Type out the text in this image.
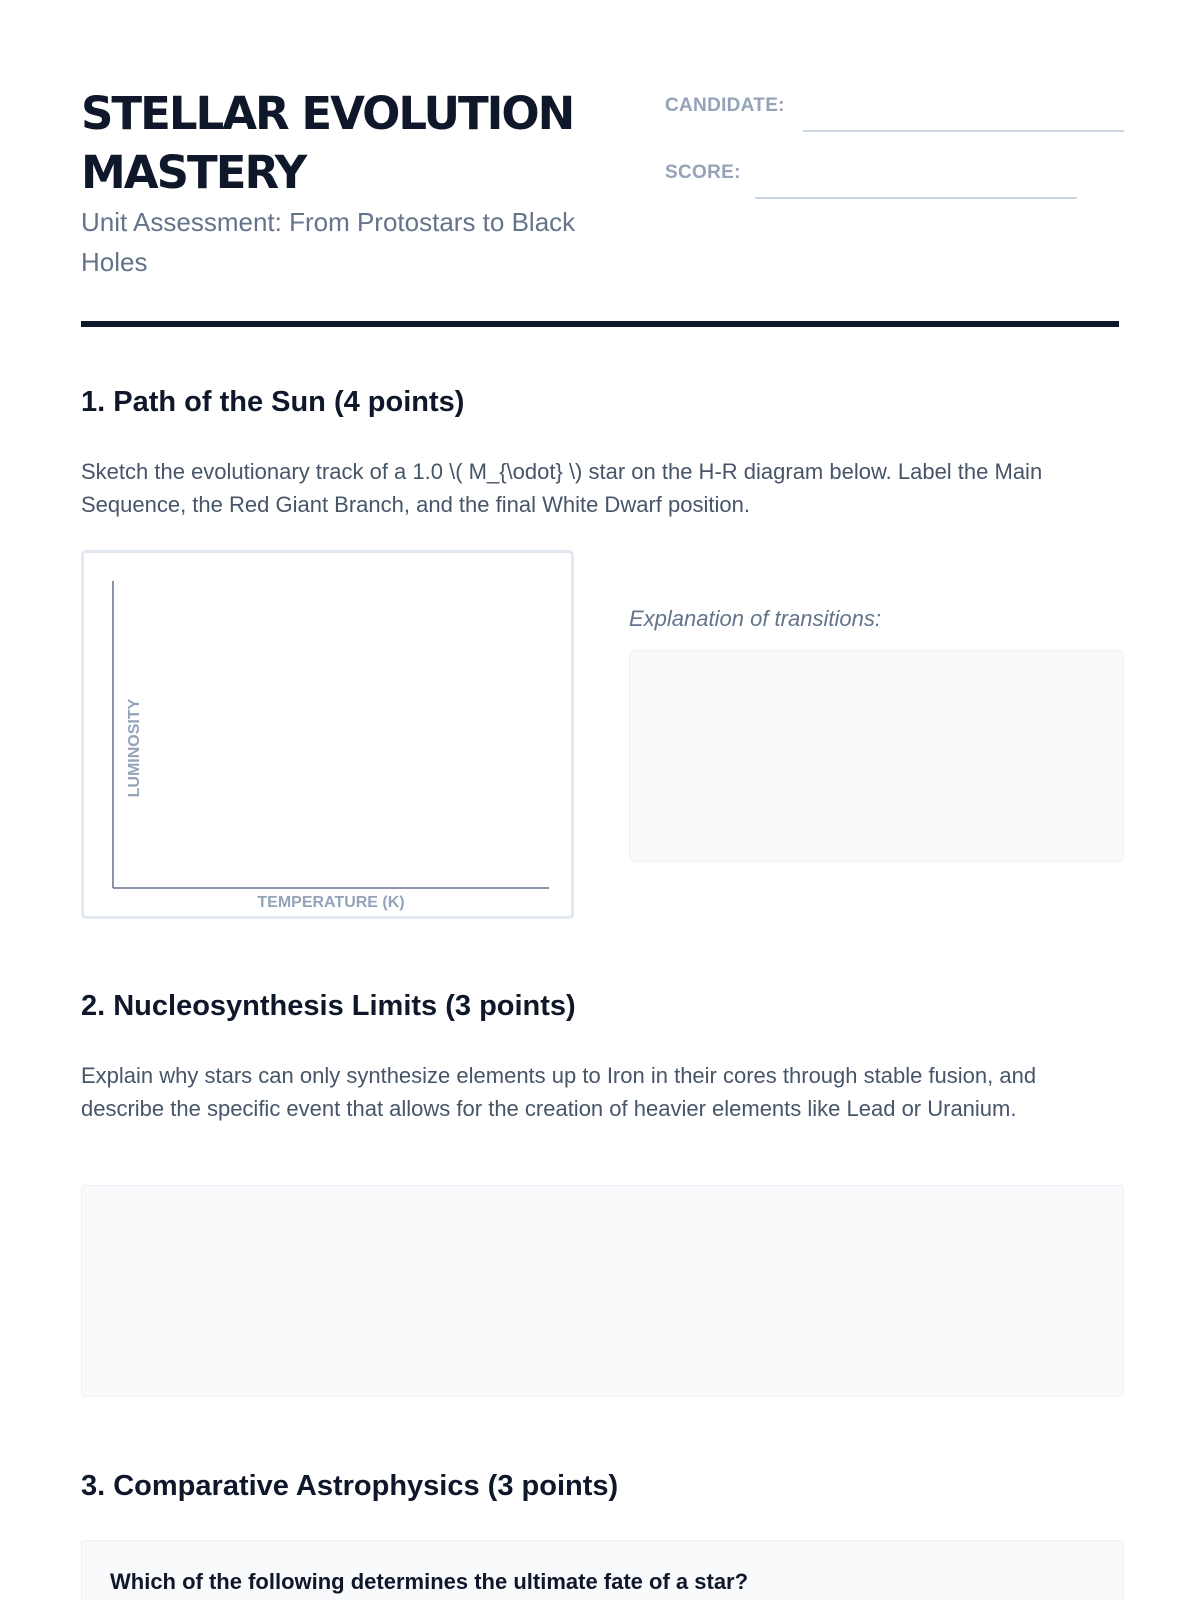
STELLAR EVOLUTION MASTERY
Unit Assessment: From Protostars to Black Holes
CANDIDATE:
SCORE:
1. Path of the Sun (4 points)

Sketch the evolutionary track of a 1.0 \( M_{\odot} \) star on the H-R diagram below. Label the Main Sequence, the Red Giant Branch, and the final White Dwarf position.

LUMINOSITY
TEMPERATURE (K)
Explanation of transitions:
2. Nucleosynthesis Limits (3 points)

Explain why stars can only synthesize elements up to Iron in their cores through stable fusion, and describe the specific event that allows for the creation of heavier elements like Lead or Uranium.

3. Comparative Astrophysics (3 points)
Which of the following determines the ultimate fate of a star?
